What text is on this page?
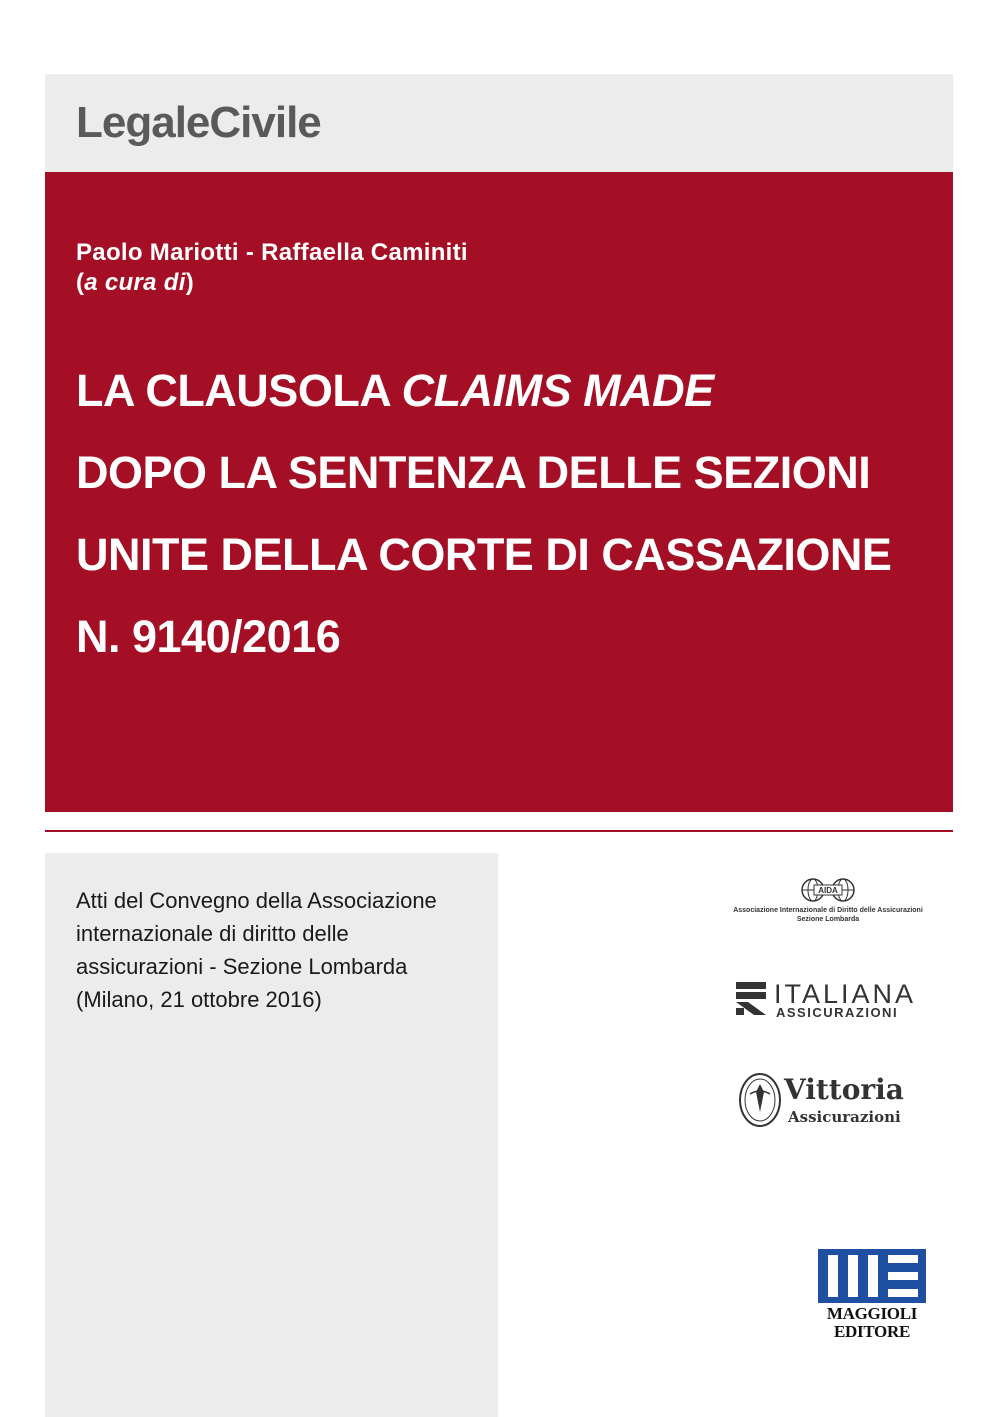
LegaleCivile
Paolo Mariotti - Raffaella Caminiti
(a cura di)
LA CLAUSOLA CLAIMS MADE
DOPO LA SENTENZA DELLE SEZIONI
UNITE DELLA CORTE DI CASSAZIONE
N. 9140/2016
Atti del Convegno della Associazione
internazionale di diritto delle
assicurazioni - Sezione Lombarda
(Milano, 21 ottobre 2016)
AIDA
Associazione Internazionale di Diritto delle Assicurazioni
Sezione Lombarda
ITALIANA
ASSICURAZIONI
Vittoria
Assicurazioni
MAGGIOLI
EDITORE
